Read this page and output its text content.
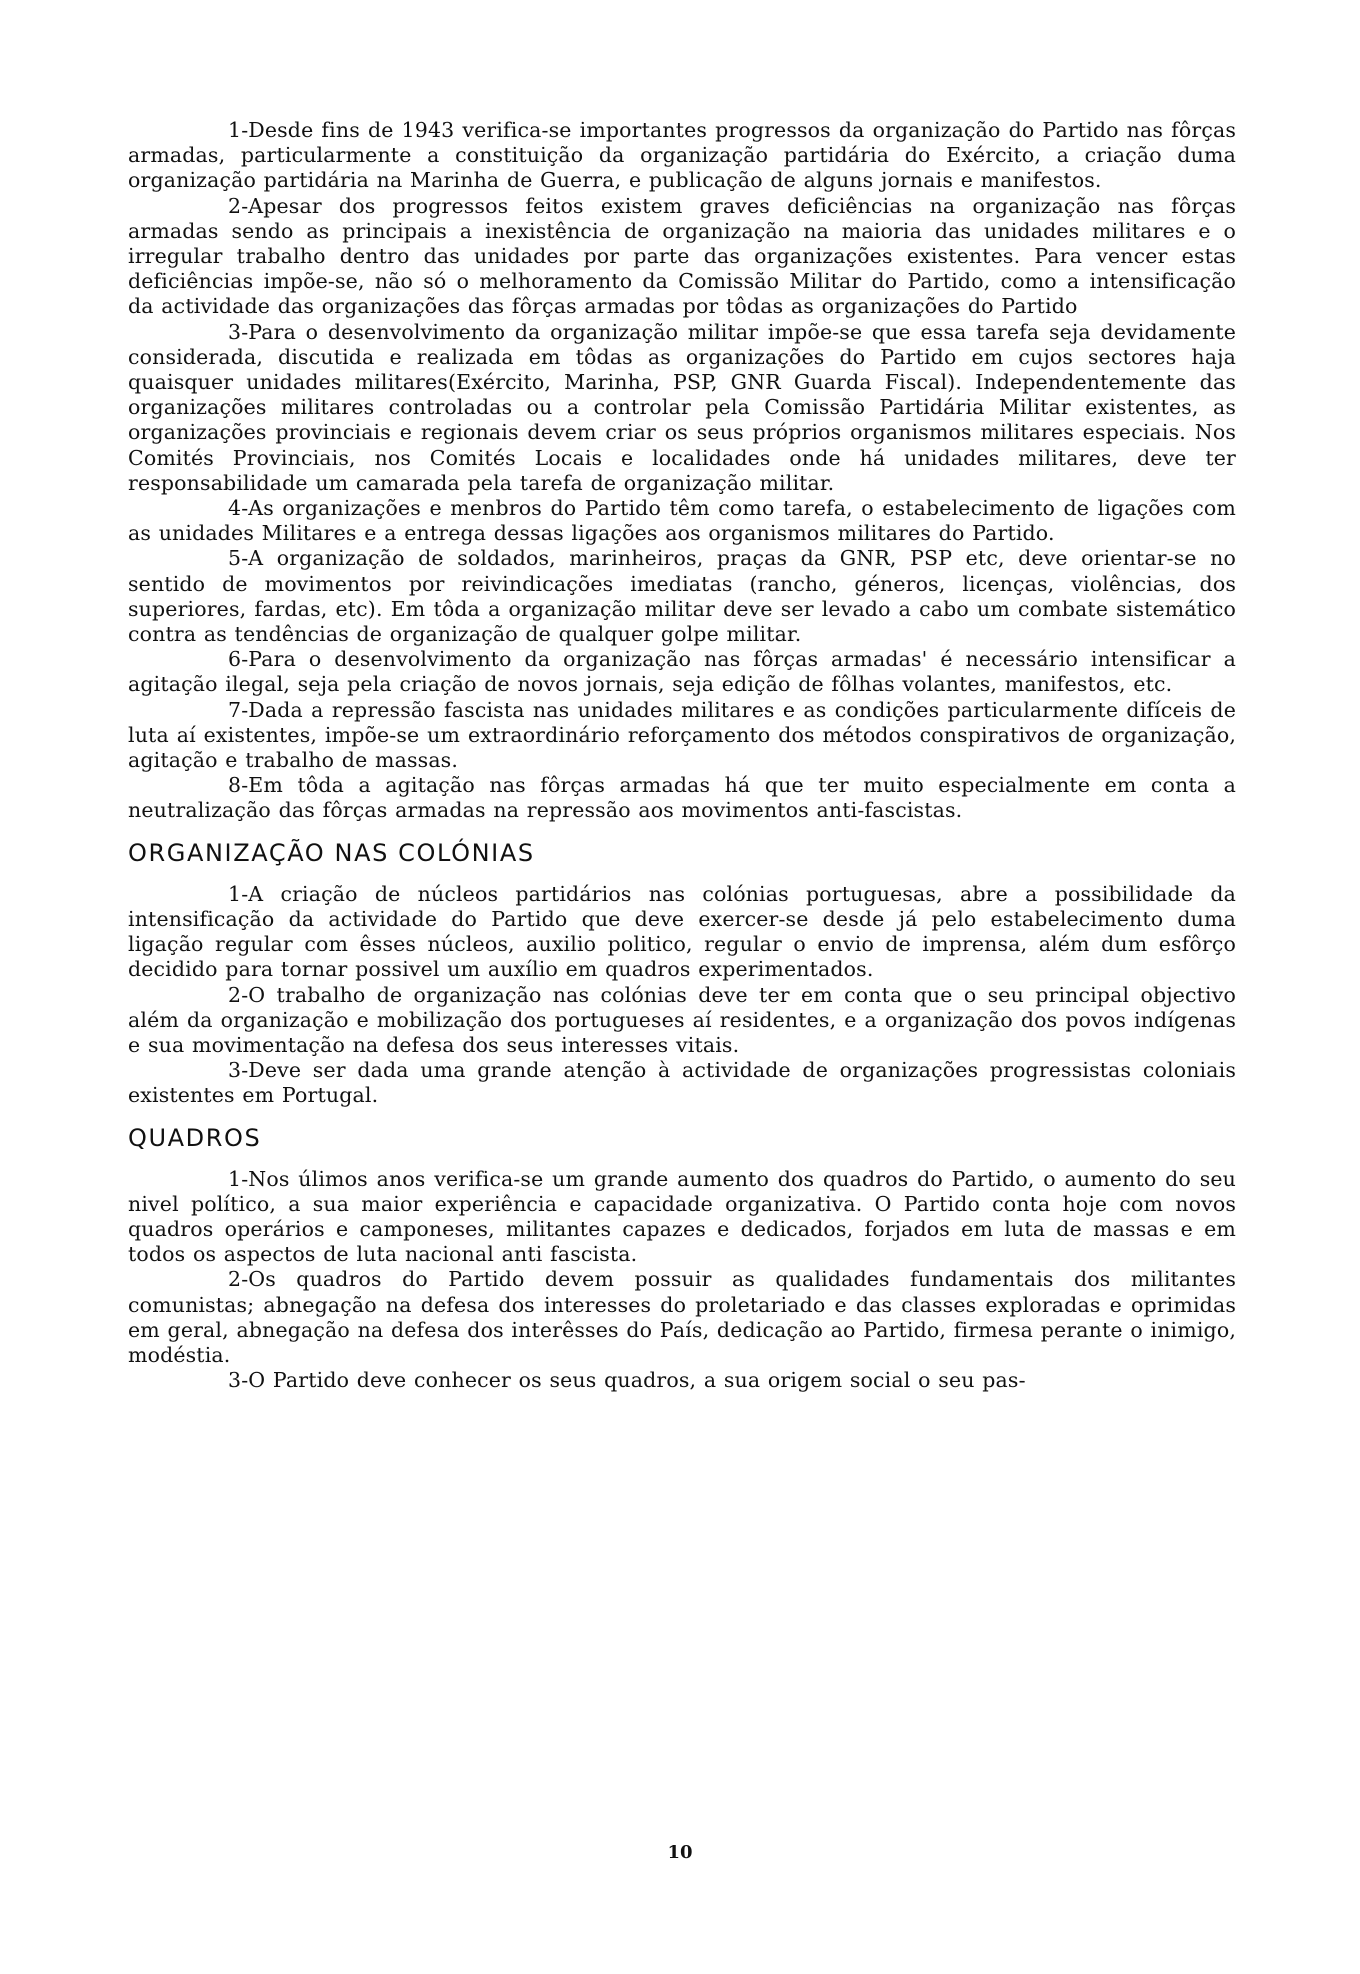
1-Desde fins de 1943 verifica-se importantes progressos da organização do Partido nas fôrças armadas, particularmente a constituição da organização partidária do Exército, a criação duma organização partidária na Marinha de Guerra, e publicação de alguns jornais e manifestos.

2-Apesar dos progressos feitos existem graves deficiências na organização nas fôrças armadas sendo as principais a inexistência de organização na maioria das unidades militares e o irregular trabalho dentro das unidades por parte das organizações existentes. Para vencer estas deficiências impõe-se, não só o melhoramento da Comissão Militar do Partido, como a intensificação da actividade das organizações das fôrças armadas por tôdas as organizações do Partido

3-Para o desenvolvimento da organização militar impõe-se que essa tarefa seja devidamente considerada, discutida e realizada em tôdas as organizações do Partido em cujos sectores haja quaisquer unidades militares(Exército, Marinha, PSP, GNR Guarda Fiscal). Independentemente das organizações militares controladas ou a controlar pela Comissão Partidária Militar existentes, as organizações provinciais e regionais devem criar os seus próprios organismos militares especiais. Nos Comités Provinciais, nos Comités Locais e localidades onde há unidades militares, deve ter responsabilidade um camarada pela tarefa de organização militar.

4-As organizações e menbros do Partido têm como tarefa, o estabelecimento de ligações com as unidades Militares e a entrega dessas ligações aos organismos militares do Partido.

5-A organização de soldados, marinheiros, praças da GNR, PSP etc, deve orientar-se no sentido de movimentos por reivindicações imediatas (rancho, géneros, licenças, violências, dos superiores, fardas, etc). Em tôda a organização militar deve ser levado a cabo um combate sistemático contra as tendências de organização de qualquer golpe militar.

6-Para o desenvolvimento da organização nas fôrças armadas' é necessário intensificar a agitação ilegal, seja pela criação de novos jornais, seja edição de fôlhas volantes, manifestos, etc.

7-Dada a repressão fascista nas unidades militares e as condições particularmente difíceis de luta aí existentes, impõe-se um extraordinário reforçamento dos métodos conspirativos de organização, agitação e trabalho de massas.

8-Em tôda a agitação nas fôrças armadas há que ter muito especialmente em conta a neutralização das fôrças armadas na repressão aos movimentos anti-fascistas.

ORGANIZAÇÃO NAS COLÓNIAS

1-A criação de núcleos partidários nas colónias portuguesas, abre a possibilidade da intensificação da actividade do Partido que deve exercer-se desde já pelo estabelecimento duma ligação regular com êsses núcleos, auxilio politico, regular o envio de imprensa, além dum esfôrço decidido para tornar possivel um auxílio em quadros experimentados.

2-O trabalho de organização nas colónias deve ter em conta que o seu principal objectivo além da organização e mobilização dos portugueses aí residentes, e a organização dos povos indígenas e sua movimentação na defesa dos seus interesses vitais.

3-Deve ser dada uma grande atenção à actividade de organizações progressistas coloniais existentes em Portugal.

QUADROS

1-Nos úlimos anos verifica-se um grande aumento dos quadros do Partido, o aumento do seu nivel político, a sua maior experiência e capacidade organizativa. O Partido conta hoje com novos quadros operários e camponeses, militantes capazes e dedicados, forjados em luta de massas e em todos os aspectos de luta nacional anti fascista.

2-Os quadros do Partido devem possuir as qualidades fundamentais dos militantes comunistas; abnegação na defesa dos interesses do proletariado e das classes exploradas e oprimidas em geral, abnegação na defesa dos interêsses do País, dedicação ao Partido, firmesa perante o inimigo, modéstia.

3-O Partido deve conhecer os seus quadros, a sua origem social o seu pas-

10
